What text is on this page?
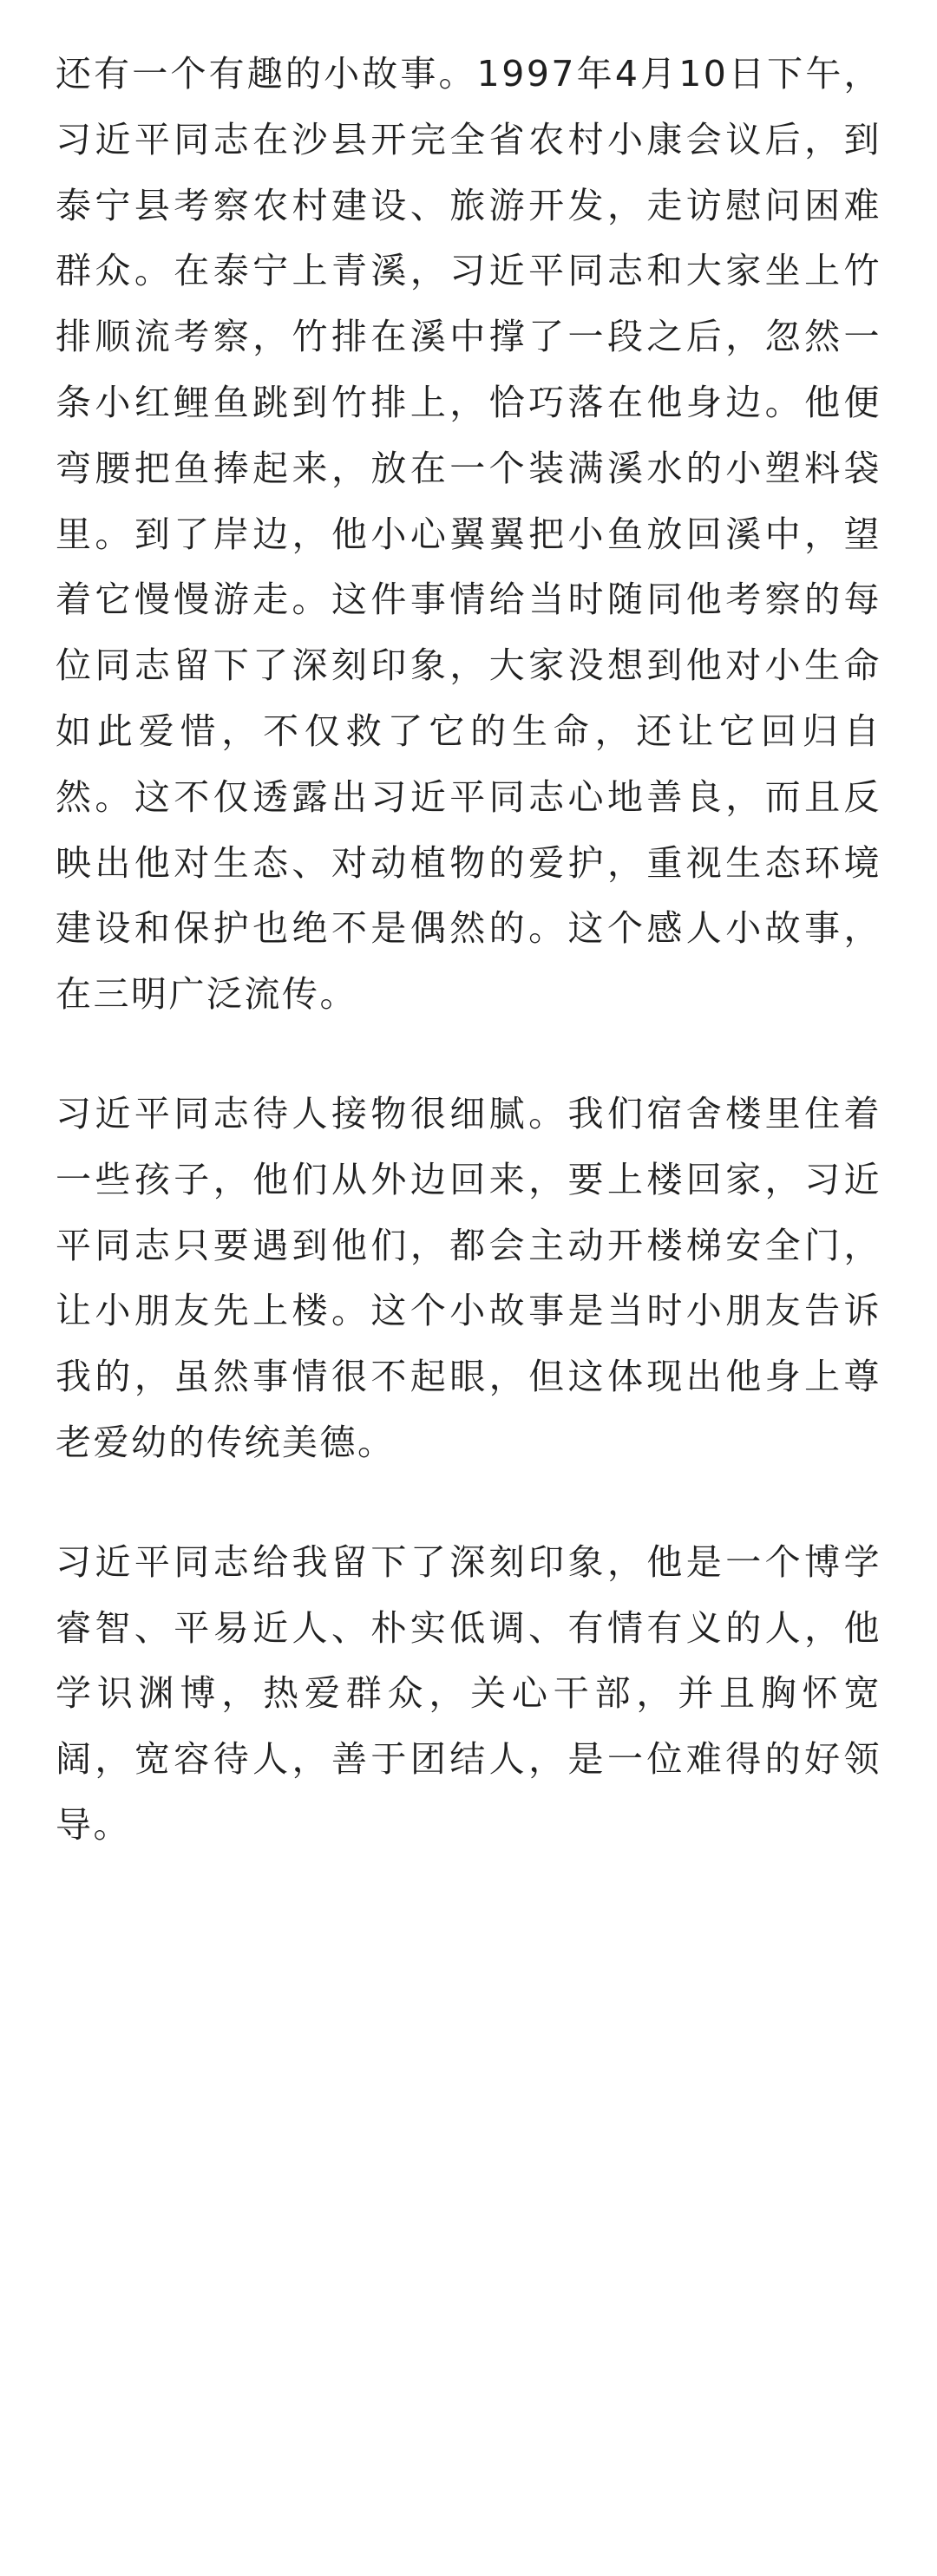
还有一个有趣的小故事。1997年4月10日下午，习近平同志在沙县开完全省农村小康会议后，到泰宁县考察农村建设、旅游开发，走访慰问困难群众。在泰宁上青溪，习近平同志和大家坐上竹排顺流考察，竹排在溪中撑了一段之后，忽然一条小红鲤鱼跳到竹排上，恰巧落在他身边。他便弯腰把鱼捧起来，放在一个装满溪水的小塑料袋里。到了岸边，他小心翼翼把小鱼放回溪中，望着它慢慢游走。这件事情给当时随同他考察的每位同志留下了深刻印象，大家没想到他对小生命如此爱惜，不仅救了它的生命，还让它回归自然。这不仅透露出习近平同志心地善良，而且反映出他对生态、对动植物的爱护，重视生态环境建设和保护也绝不是偶然的。这个感人小故事，在三明广泛流传。

习近平同志待人接物很细腻。我们宿舍楼里住着一些孩子，他们从外边回来，要上楼回家，习近平同志只要遇到他们，都会主动开楼梯安全门，让小朋友先上楼。这个小故事是当时小朋友告诉我的，虽然事情很不起眼，但这体现出他身上尊老爱幼的传统美德。

习近平同志给我留下了深刻印象，他是一个博学睿智、平易近人、朴实低调、有情有义的人，他学识渊博，热爱群众，关心干部，并且胸怀宽阔，宽容待人，善于团结人，是一位难得的好领导。
